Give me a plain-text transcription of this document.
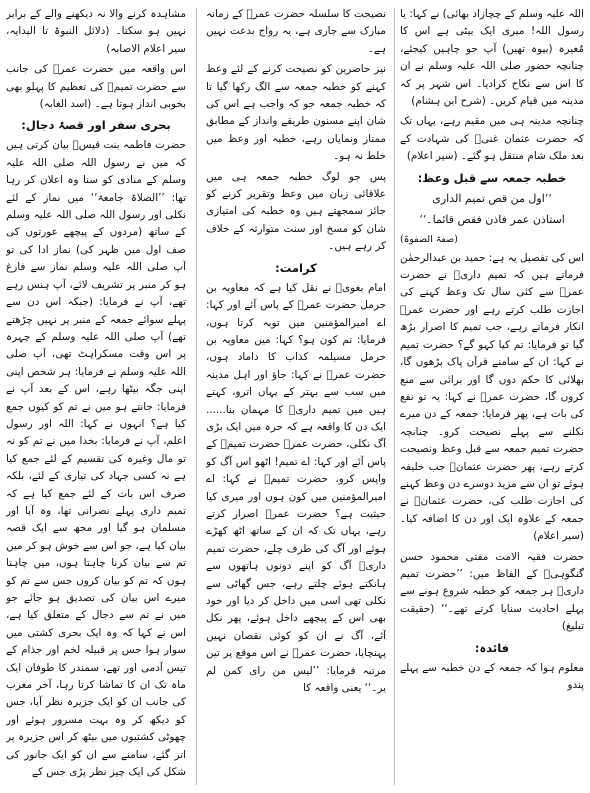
اللہ علیہ وسلم کے چچازاد بھائی) نے کہا: یا رسول اللہ! میری ایک بیٹی ہے اس کا مُغیرہ (بیوہ تھیں) آپ جو چاہیں کیجئے، چنانچہ حضور صلی اللہ علیہ وسلم نے ان کا اس سے نکاح کرادیا۔ اس شہر پر کہ مدینہ میں قیام کریں۔ (شرح ابن ہشام)

چنانچہ مدینہ ہی میں مقیم رہے، یہاں تک کہ حضرت عثمان غنیؓ کی شہادت کے بعد ملک شام منتقل ہو گئے۔ (سیر اعلام)

خطبہ جمعہ سے قبل وعظ:

’’اول من قص تمیم الداری

استاذن عمر فاذن فقص قائما۔‘‘

(صفۃ الصفوۃ)

اس کی تفصیل یہ ہے: حمید بن عبدالرحمٰن فرماتے ہیں کہ تمیم داریؓ نے حضرت عمرؓ سے کئی سال تک وعظ کہنے کی اجازت طلب کرتے رہے اور حضرت عمرؓ انکار فرماتے رہے، جب تمیم کا اصرار بڑھ گیا تو فرمایا: تم کیا کہو گے؟ حضرت تمیم نے کہا: ان کے سامنے قرآن پاک پڑھوں گا، بھلائی کا حکم دوں گا اور برائی سے منع کروں گا، حضرت عمرؓ نے کہا: یہ تو نفع کی بات ہے، پھر فرمایا: جمعہ کے دن میرے نکلنے سے پہلے نصیحت کرو۔ چنانچہ حضرت تمیم جمعہ سے قبل وعظ ونصیحت کرتے رہے، پھر حضرت عثمانؓ جب خلیفہ ہوئے تو ان سے مزید دوسرے دن وعظ کہنے کی اجازت طلب کی، حضرت عثمانؓ نے جمعہ کے علاوہ ایک اور دن کا اضافہ کیا۔ (سیر اعلام)

حضرت فقیہ الامت مفتی محمود حسن گنگوہیؒ کے الفاظ میں: ’’حضرت تمیم داریؓ ہر جمعہ کو خطبہ شروع ہونے سے پہلے احادیث سنایا کرتے تھے۔‘‘ (حقیقت تبلیغ)

فائدہ:

معلوم ہوا کہ جمعہ کے دن خطبہ سے پہلے پندو

نصیحت کا سلسلہ حضرت عمرؓ کے زمانہ مبارک سے جاری ہے، یہ رواج بدعت نہیں ہے۔

نیز حاضرین کو نصیحت کرنے کے لئے وعظ کہنے کو خطبہ جمعہ سے الگ رکھا گیا تا کہ خطبہ جمعہ جو کہ واجب ہے اس کی شان اپنے مسنون طریقے وانداز کے مطابق ممتاز ونمایاں رہے، خطبہ اور وعظ میں خلط نہ ہو۔

پس جو لوگ خطبہ جمعہ ہی میں علاقائی زبان میں وعظ وتقریر کرنے کو جائز سمجھتے ہیں وہ خطبہ کی امتیازی شان کو مسخ اور سنت متوارثہ کے خلاف کر رہے ہیں۔

کرامت:

امام بغویؒ نے نقل کیا ہے کہ معاویہ بن حرمل حضرت عمرؓ کے پاس آئے اور کہا: اے امیرالمؤمنین میں توبہ کرتا ہوں، فرمایا: تم کون ہو؟ کہا: میں معاویہ بن حرمل مسیلمہ کذاب کا داماد ہوں، حضرت عمرؓ نے کہا: جاؤ اور اہل مدینہ میں سب سے بہتر کے یہاں اترو، کہتے ہیں میں تمیم داریؓ کا مہمان بنا...... ایک دن کا واقعہ ہے کہ حرہ میں ایک بڑی آگ نکلی، حضرت عمرؓ حضرت تمیمؓ کے پاس آئے اور کہا: اے تمیم! اٹھو اس آگ کو واپس کرو، حضرت تمیمؓ نے کہا: اے امیرالمؤمنین میں کون ہوں اور میری کیا حیثیت ہے؟ حضرت عمرؓ اصرار کرتے رہے، یہاں تک کہ ان کے ساتھ اٹھ کھڑے ہوئے اور آگ کی طرف چلے، حضرت تمیم داریؓ آگ کو اپنے دونوں ہاتھوں سے ہانکتے ہوئے چلتے رہے، جس گھاٹی سے نکلی تھی اسی میں داخل کر دیا اور خود بھی اس کے پیچھے داخل ہوئے، پھر نکل آئے، آگ نے ان کو کوئی نقصان نہیں پہنچایا، حضرت عمرؓ نے اس موقع پر تین مرتبہ فرمایا: ’’لیس من رای کمن لم یر۔‘‘ یعنی واقعہ کا

مشاہدہ کرنے والا نہ دیکھنے والے کے برابر نہیں ہو سکتا۔ (دلائل النبوۃ تا البدایہ، سیر اعلام الاصابہ)

اس واقعہ میں حضرت عمرؓ کی جانب سے حضرت تمیمؓ کی تعظیم کا پہلو بھی بخوبی انداز ہوتا ہے۔ (اسد الغابہ)

بحری سفر اور قصۂ دجال:

حضرت فاطمہ بنت قیسؓ بیان کرتی ہیں کہ میں نے رسول اللہ صلی اللہ علیہ وسلم کے منادی کو سنا وہ اعلان کر رہا تھا: ’’الصلاۃ جامعۃ‘‘ میں نماز کے لئے نکلی اور رسول اللہ صلی اللہ علیہ وسلم کے ساتھ (مردوں کے پیچھے عورتوں کی صف اول میں ظہر کی) نماز ادا کی تو آپ صلی اللہ علیہ وسلم نماز سے فارغ ہو کر منبر پر تشریف لائے، آپ ہنس رہے تھے، آپ نے فرمایا: (جبکہ اس دن سے پہلے سوائے جمعہ کے منبر پر نہیں چڑھتے تھے) آپ صلی اللہ علیہ وسلم کے چہرہ پر اس وقت مسکراہٹ تھی، آپ صلی اللہ علیہ وسلم نے فرمایا: ہر شخص اپنی اپنی جگہ بیٹھا رہے، اس کے بعد آپ نے فرمایا: جانتے ہو میں نے تم کو کیوں جمع کیا ہے؟ انہوں نے کہا: اللہ اور رسول اعلم، آپ نے فرمایا: بخدا میں نے تم کو نہ تو مال وغیرہ کی تقسیم کے لئے جمع کیا ہے نہ کسی جہاد کی تیاری کے لئے، بلکہ صرف اس بات کے لئے جمع کیا ہے کہ تمیم داری پہلے نصرانی تھا، وہ آیا اور مسلمان ہو گیا اور مجھ سے ایک قصہ بیان کیا ہے، جو اس سے خوش ہو کر میں تم سے بیان کرنا چاہتا ہوں، میں چاہتا ہوں کہ تم کو بیان کروں جس سے تم کو میرے اس بیان کی تصدیق ہو جائے جو میں نے تم سے دجال کے متعلق کیا ہے، اس نے کہا کہ وہ ایک بحری کشتی میں سوار ہوا جس پر قبیلہ لخم اور جذام کے تیس آدمی اور تھے، سمندر کا طوفان ایک ماہ تک ان کا تماشا کرتا رہا، آخر مغرب کی جانب ان کو ایک جزیرہ نظر آیا، جس کو دیکھ کر وہ بہت مسرور ہوئے اور چھوٹی کشتیوں میں بیٹھ کر اس جزیرہ پر اتر گئے، سامنے سے ان کو ایک جانور کی شکل کی ایک چیز نظر پڑی جس کے
